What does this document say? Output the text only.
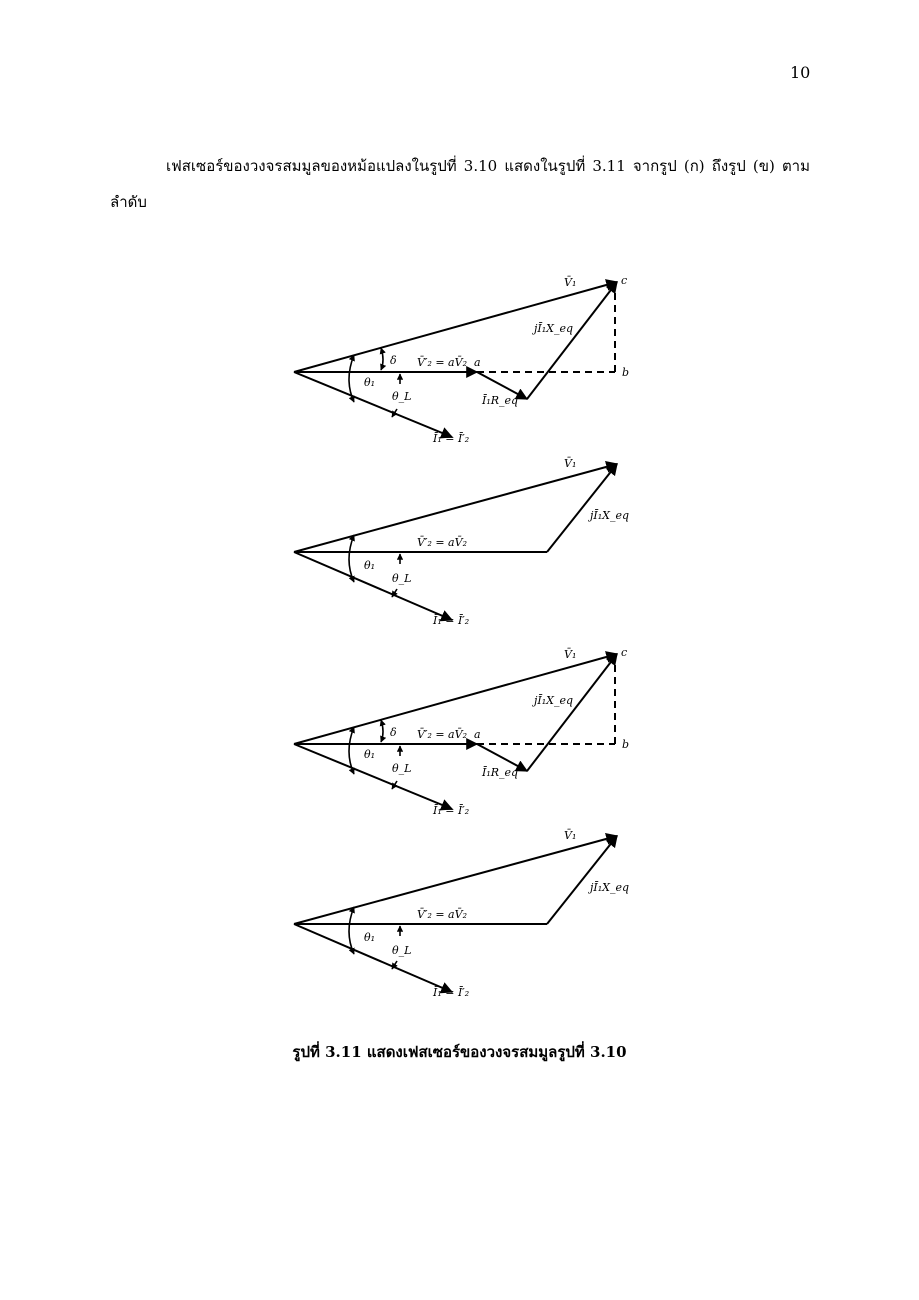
10
เฟสเซอร์ของวงจรสมมูลของหม้อแปลงในรูปที่ 3.10 แสดงในรูปที่ 3.11 จากรูป (ก) ถึงรูป (ข) ตามลำดับ
V̄₁	c
jĪ₁X_eq
δ V̄′₂ = aV̄₂ a
b
θ₁
θ_L	Ī₁R_eq
Ī₁ = Ī′₂
V̄₁
jĪ₁X_eq
V̄′₂ = aV̄₂
θ₁
θ_L
Ī₁ = Ī′₂
V̄₁	c
jĪ₁X_eq
δ V̄′₂ = aV̄₂ a
b
θ₁
θ_L	Ī₁R_eq
Ī₁ = Ī′₂
V̄₁
jĪ₁X_eq
V̄′₂ = aV̄₂
θ₁
θ_L
Ī₁ = Ī′₂
รูปที่ 3.11 แสดงเฟสเซอร์ของวงจรสมมูลรูปที่ 3.10
